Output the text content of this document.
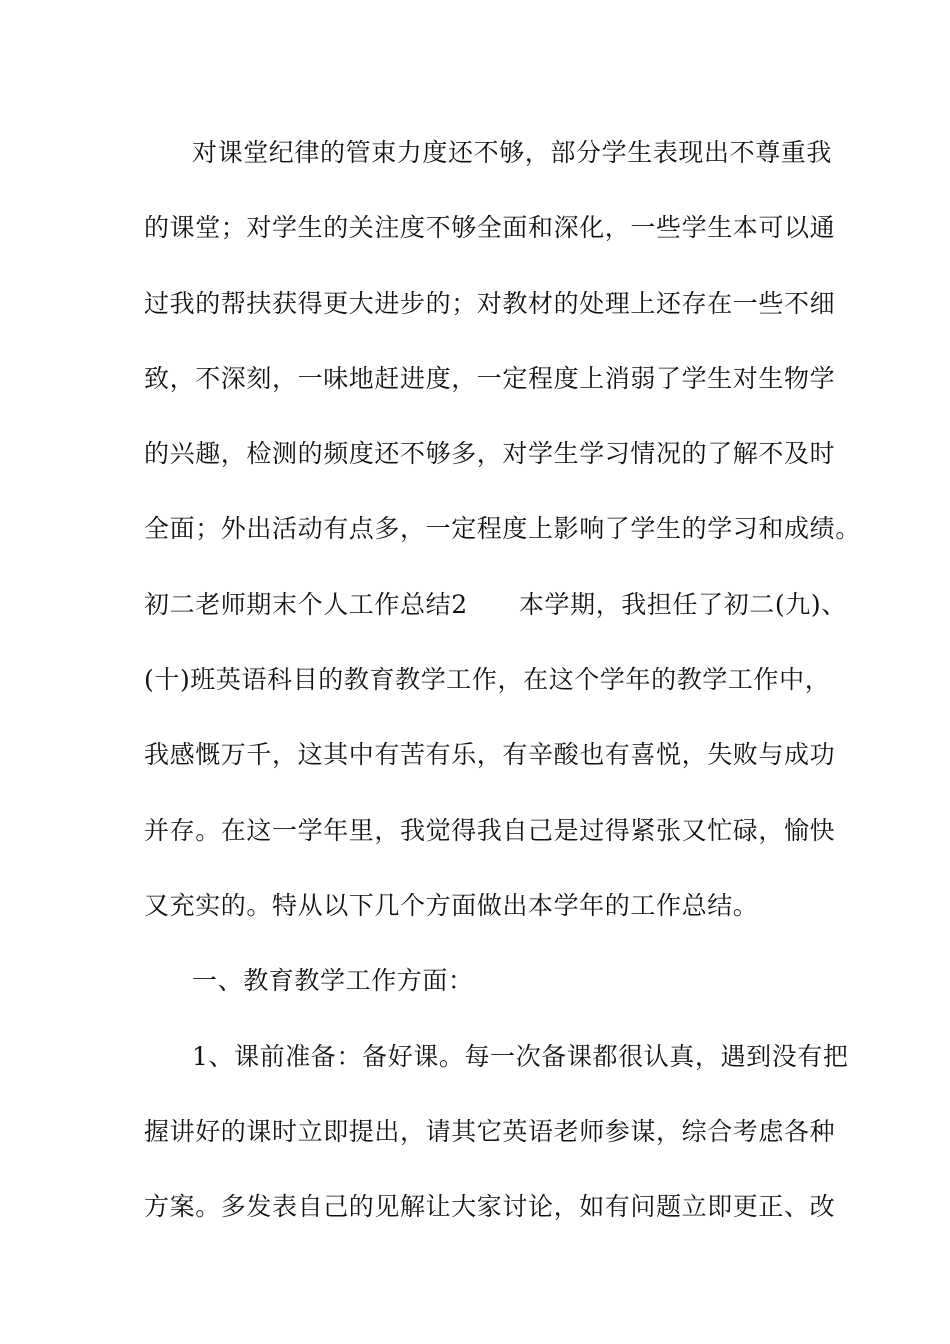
对课堂纪律的管束力度还不够，部分学生表现出不尊重我
的课堂；对学生的关注度不够全面和深化，一些学生本可以通
过我的帮扶获得更大进步的；对教材的处理上还存在一些不细
致，不深刻，一味地赶进度，一定程度上消弱了学生对生物学
的兴趣，检测的频度还不够多，对学生学习情况的了解不及时
全面；外出活动有点多，一定程度上影响了学生的学习和成绩。
初二老师期末个人工作总结2　　本学期，我担任了初二(九)、
(十)班英语科目的教育教学工作，在这个学年的教学工作中，
我感慨万千，这其中有苦有乐，有辛酸也有喜悦，失败与成功
并存。在这一学年里，我觉得我自己是过得紧张又忙碌，愉快
又充实的。特从以下几个方面做出本学年的工作总结。
一、教育教学工作方面：
1、课前准备：备好课。每一次备课都很认真，遇到没有把
握讲好的课时立即提出，请其它英语老师参谋，综合考虑各种
方案。多发表自己的见解让大家讨论，如有问题立即更正、改
